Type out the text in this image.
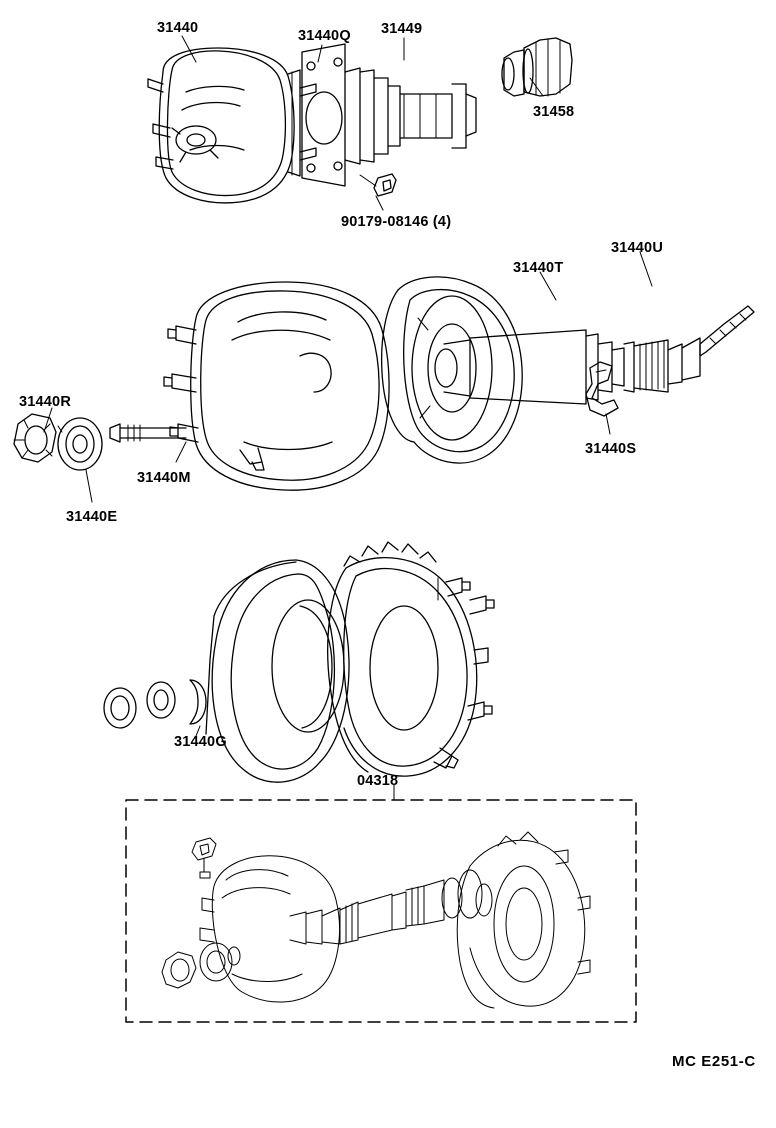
31440	31440Q 31449
31458
90179-08146 (4)
31440T
31440U
31440R
31440S
31440M
31440E
31440G
04318
MC E251-C
